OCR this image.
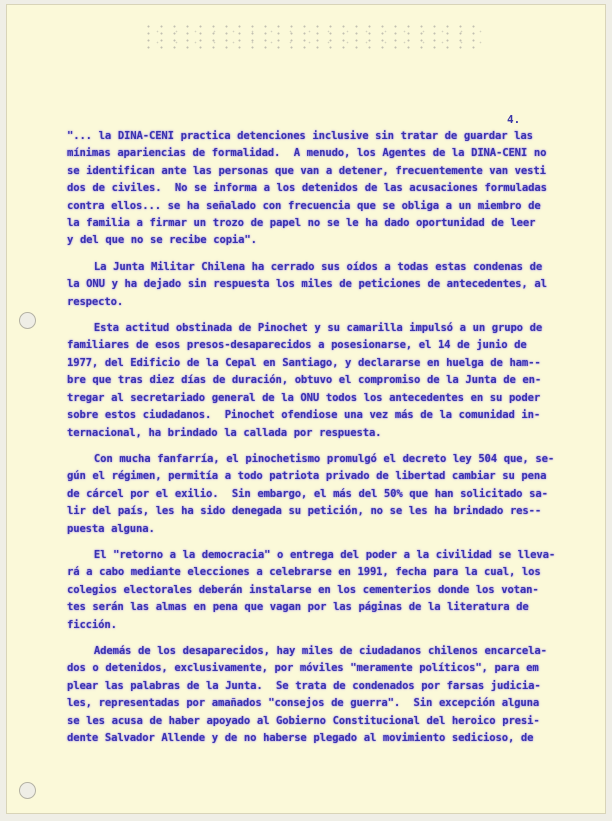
4.
"... la DINA-CENI practica detenciones inclusive sin tratar de guardar las
mínimas apariencias de formalidad.  A menudo, los Agentes de la DINA-CENI no
se identifican ante las personas que van a detener, frecuentemente van vesti
dos de civiles.  No se informa a los detenidos de las acusaciones formuladas
contra ellos... se ha señalado con frecuencia que se obliga a un miembro de
la familia a firmar un trozo de papel no se le ha dado oportunidad de leer
y del que no se recibe copia".
La Junta Militar Chilena ha cerrado sus oídos a todas estas condenas de
la ONU y ha dejado sin respuesta los miles de peticiones de antecedentes, al
respecto.
Esta actitud obstinada de Pinochet y su camarilla impulsó a un grupo de
familiares de esos presos-desaparecidos a posesionarse, el 14 de junio de
1977, del Edificio de la Cepal en Santiago, y declararse en huelga de ham--
bre que tras diez días de duración, obtuvo el compromiso de la Junta de en-
tregar al secretariado general de la ONU todos los antecedentes en su poder
sobre estos ciudadanos.  Pinochet ofendiose una vez más de la comunidad in-
ternacional, ha brindado la callada por respuesta.
Con mucha fanfarría, el pinochetismo promulgó el decreto ley 504 que, se-
gún el régimen, permitía a todo patriota privado de libertad cambiar su pena
de cárcel por el exilio.  Sin embargo, el más del 50% que han solicitado sa-
lir del país, les ha sido denegada su petición, no se les ha brindado res--
puesta alguna.
El "retorno a la democracia" o entrega del poder a la civilidad se lleva-
rá a cabo mediante elecciones a celebrarse en 1991, fecha para la cual, los
colegios electorales deberán instalarse en los cementerios donde los votan-
tes serán las almas en pena que vagan por las páginas de la literatura de
ficción.
Además de los desaparecidos, hay miles de ciudadanos chilenos encarcela-
dos o detenidos, exclusivamente, por móviles "meramente políticos", para em
plear las palabras de la Junta.  Se trata de condenados por farsas judicia-
les, representadas por amañados "consejos de guerra".  Sin excepción alguna
se les acusa de haber apoyado al Gobierno Constitucional del heroico presi-
dente Salvador Allende y de no haberse plegado al movimiento sedicioso, de
